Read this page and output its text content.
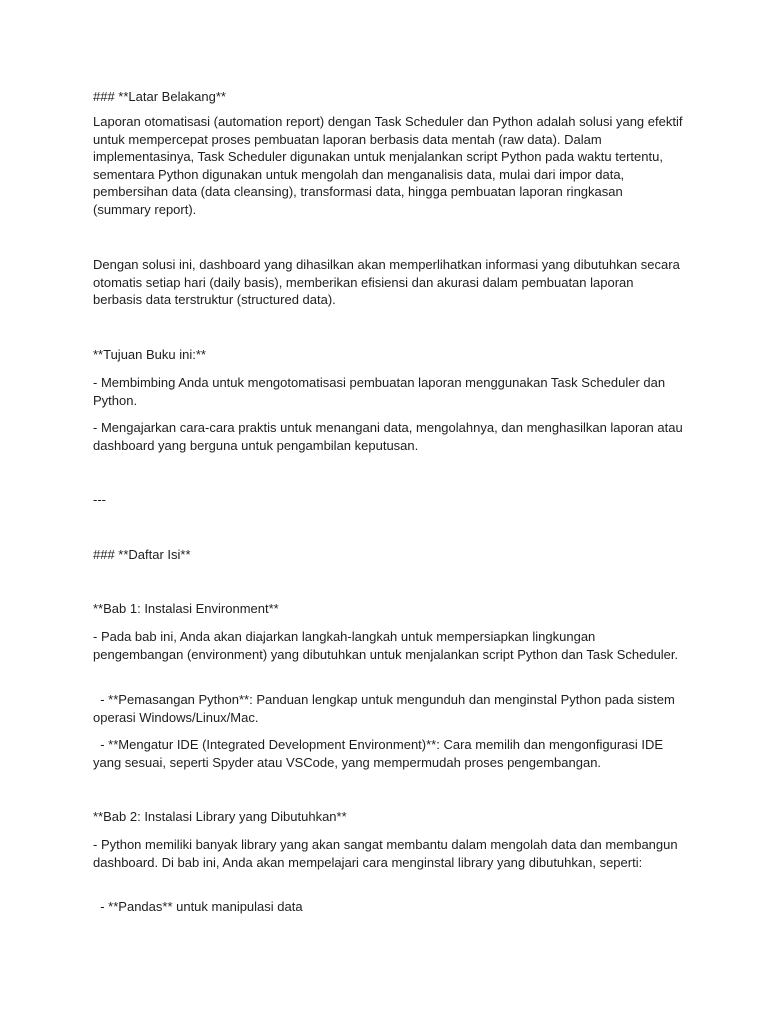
### **Latar Belakang**

Laporan otomatisasi (automation report) dengan Task Scheduler dan Python adalah solusi yang efektif untuk mempercepat proses pembuatan laporan berbasis data mentah (raw data). Dalam implementasinya, Task Scheduler digunakan untuk menjalankan script Python pada waktu tertentu, sementara Python digunakan untuk mengolah dan menganalisis data, mulai dari impor data, pembersihan data (data cleansing), transformasi data, hingga pembuatan laporan ringkasan (summary report).

Dengan solusi ini, dashboard yang dihasilkan akan memperlihatkan informasi yang dibutuhkan secara otomatis setiap hari (daily basis), memberikan efisiensi dan akurasi dalam pembuatan laporan berbasis data terstruktur (structured data).

**Tujuan Buku ini:**

- Membimbing Anda untuk mengotomatisasi pembuatan laporan menggunakan Task Scheduler dan Python.

- Mengajarkan cara-cara praktis untuk menangani data, mengolahnya, dan menghasilkan laporan atau dashboard yang berguna untuk pengambilan keputusan.

---

### **Daftar Isi**

**Bab 1: Instalasi Environment**

- Pada bab ini, Anda akan diajarkan langkah-langkah untuk mempersiapkan lingkungan pengembangan (environment) yang dibutuhkan untuk menjalankan script Python dan Task Scheduler.

- **Pemasangan Python**: Panduan lengkap untuk mengunduh dan menginstal Python pada sistem operasi Windows/Linux/Mac.

- **Mengatur IDE (Integrated Development Environment)**: Cara memilih dan mengonfigurasi IDE yang sesuai, seperti Spyder atau VSCode, yang mempermudah proses pengembangan.

**Bab 2: Instalasi Library yang Dibutuhkan**

- Python memiliki banyak library yang akan sangat membantu dalam mengolah data dan membangun dashboard. Di bab ini, Anda akan mempelajari cara menginstal library yang dibutuhkan, seperti:

- **Pandas** untuk manipulasi data
